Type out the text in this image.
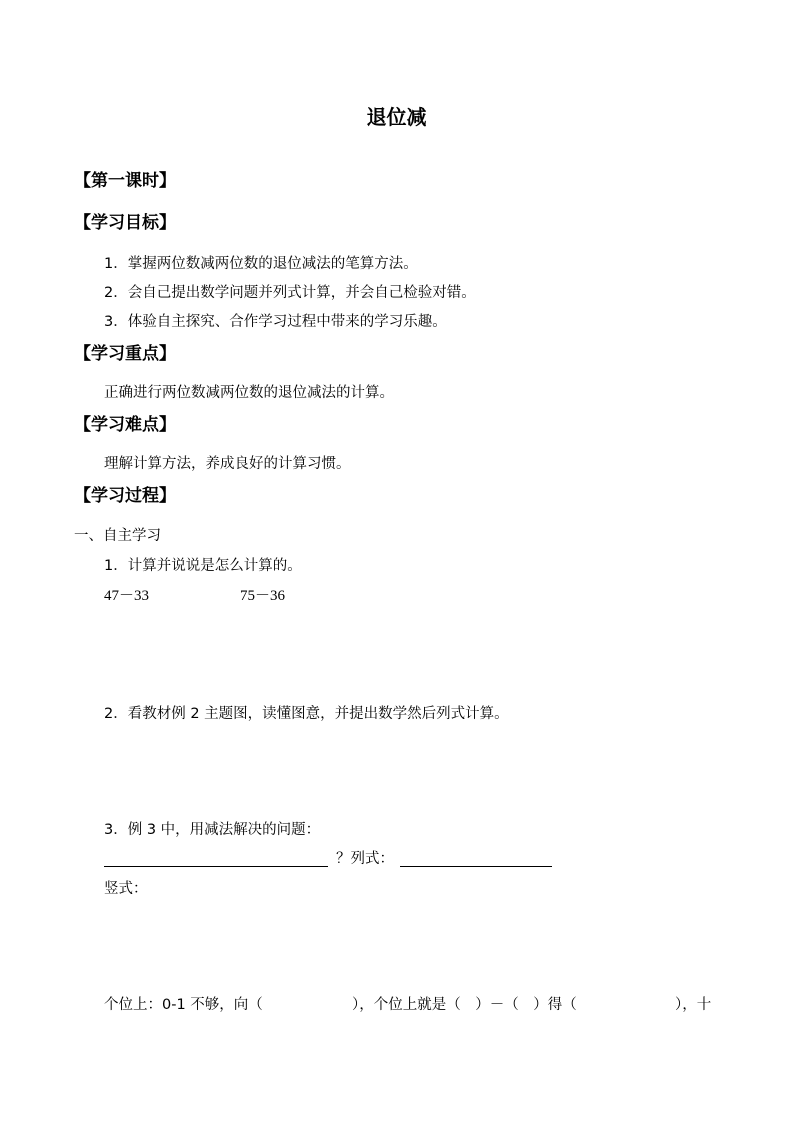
退位减
【第一课时】
【学习目标】
1．掌握两位数减两位数的退位减法的笔算方法。
2．会自己提出数学问题并列式计算，并会自己检验对错。
3．体验自主探究、合作学习过程中带来的学习乐趣。
【学习重点】
正确进行两位数减两位数的退位减法的计算。
【学习难点】
理解计算方法，养成良好的计算习惯。
【学习过程】
一、自主学习
1．计算并说说是怎么计算的。
47－33	75－36
2．看教材例 2 主题图，读懂图意，并提出数学然后列式计算。
3．例 3 中，用减法解决的问题：
？列式：
竖式：
个位上：0-1 不够，向（	），个位上就是（　）－（　）得（	），十
